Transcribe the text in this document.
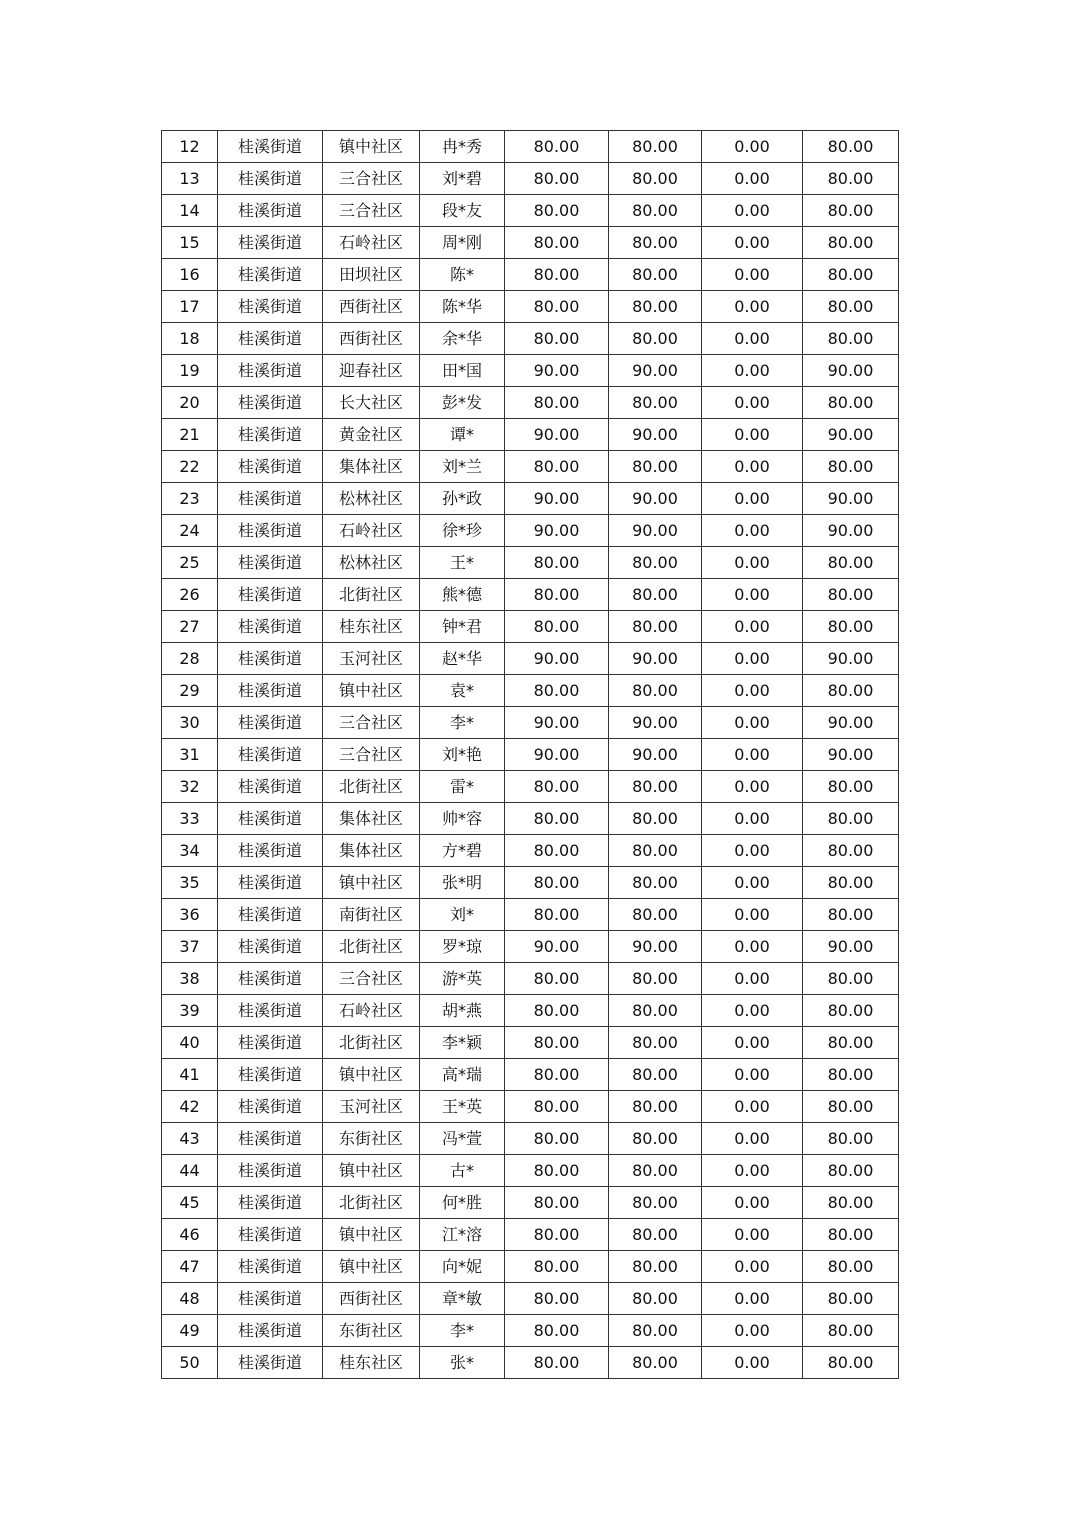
12	桂溪街道	镇中社区	冉*秀	80.00	80.00	0.00	80.00
13	桂溪街道	三合社区	刘*碧	80.00	80.00	0.00	80.00
14	桂溪街道	三合社区	段*友	80.00	80.00	0.00	80.00
15	桂溪街道	石岭社区	周*刚	80.00	80.00	0.00	80.00
16	桂溪街道	田坝社区	陈*	80.00	80.00	0.00	80.00
17	桂溪街道	西街社区	陈*华	80.00	80.00	0.00	80.00
18	桂溪街道	西街社区	余*华	80.00	80.00	0.00	80.00
19	桂溪街道	迎春社区	田*国	90.00	90.00	0.00	90.00
20	桂溪街道	长大社区	彭*发	80.00	80.00	0.00	80.00
21	桂溪街道	黄金社区	谭*	90.00	90.00	0.00	90.00
22	桂溪街道	集体社区	刘*兰	80.00	80.00	0.00	80.00
23	桂溪街道	松林社区	孙*政	90.00	90.00	0.00	90.00
24	桂溪街道	石岭社区	徐*珍	90.00	90.00	0.00	90.00
25	桂溪街道	松林社区	王*	80.00	80.00	0.00	80.00
26	桂溪街道	北街社区	熊*德	80.00	80.00	0.00	80.00
27	桂溪街道	桂东社区	钟*君	80.00	80.00	0.00	80.00
28	桂溪街道	玉河社区	赵*华	90.00	90.00	0.00	90.00
29	桂溪街道	镇中社区	袁*	80.00	80.00	0.00	80.00
30	桂溪街道	三合社区	李*	90.00	90.00	0.00	90.00
31	桂溪街道	三合社区	刘*艳	90.00	90.00	0.00	90.00
32	桂溪街道	北街社区	雷*	80.00	80.00	0.00	80.00
33	桂溪街道	集体社区	帅*容	80.00	80.00	0.00	80.00
34	桂溪街道	集体社区	方*碧	80.00	80.00	0.00	80.00
35	桂溪街道	镇中社区	张*明	80.00	80.00	0.00	80.00
36	桂溪街道	南街社区	刘*	80.00	80.00	0.00	80.00
37	桂溪街道	北街社区	罗*琼	90.00	90.00	0.00	90.00
38	桂溪街道	三合社区	游*英	80.00	80.00	0.00	80.00
39	桂溪街道	石岭社区	胡*燕	80.00	80.00	0.00	80.00
40	桂溪街道	北街社区	李*颖	80.00	80.00	0.00	80.00
41	桂溪街道	镇中社区	高*瑞	80.00	80.00	0.00	80.00
42	桂溪街道	玉河社区	王*英	80.00	80.00	0.00	80.00
43	桂溪街道	东街社区	冯*萱	80.00	80.00	0.00	80.00
44	桂溪街道	镇中社区	古*	80.00	80.00	0.00	80.00
45	桂溪街道	北街社区	何*胜	80.00	80.00	0.00	80.00
46	桂溪街道	镇中社区	江*溶	80.00	80.00	0.00	80.00
47	桂溪街道	镇中社区	向*妮	80.00	80.00	0.00	80.00
48	桂溪街道	西街社区	章*敏	80.00	80.00	0.00	80.00
49	桂溪街道	东街社区	李*	80.00	80.00	0.00	80.00
50	桂溪街道	桂东社区	张*	80.00	80.00	0.00	80.00
